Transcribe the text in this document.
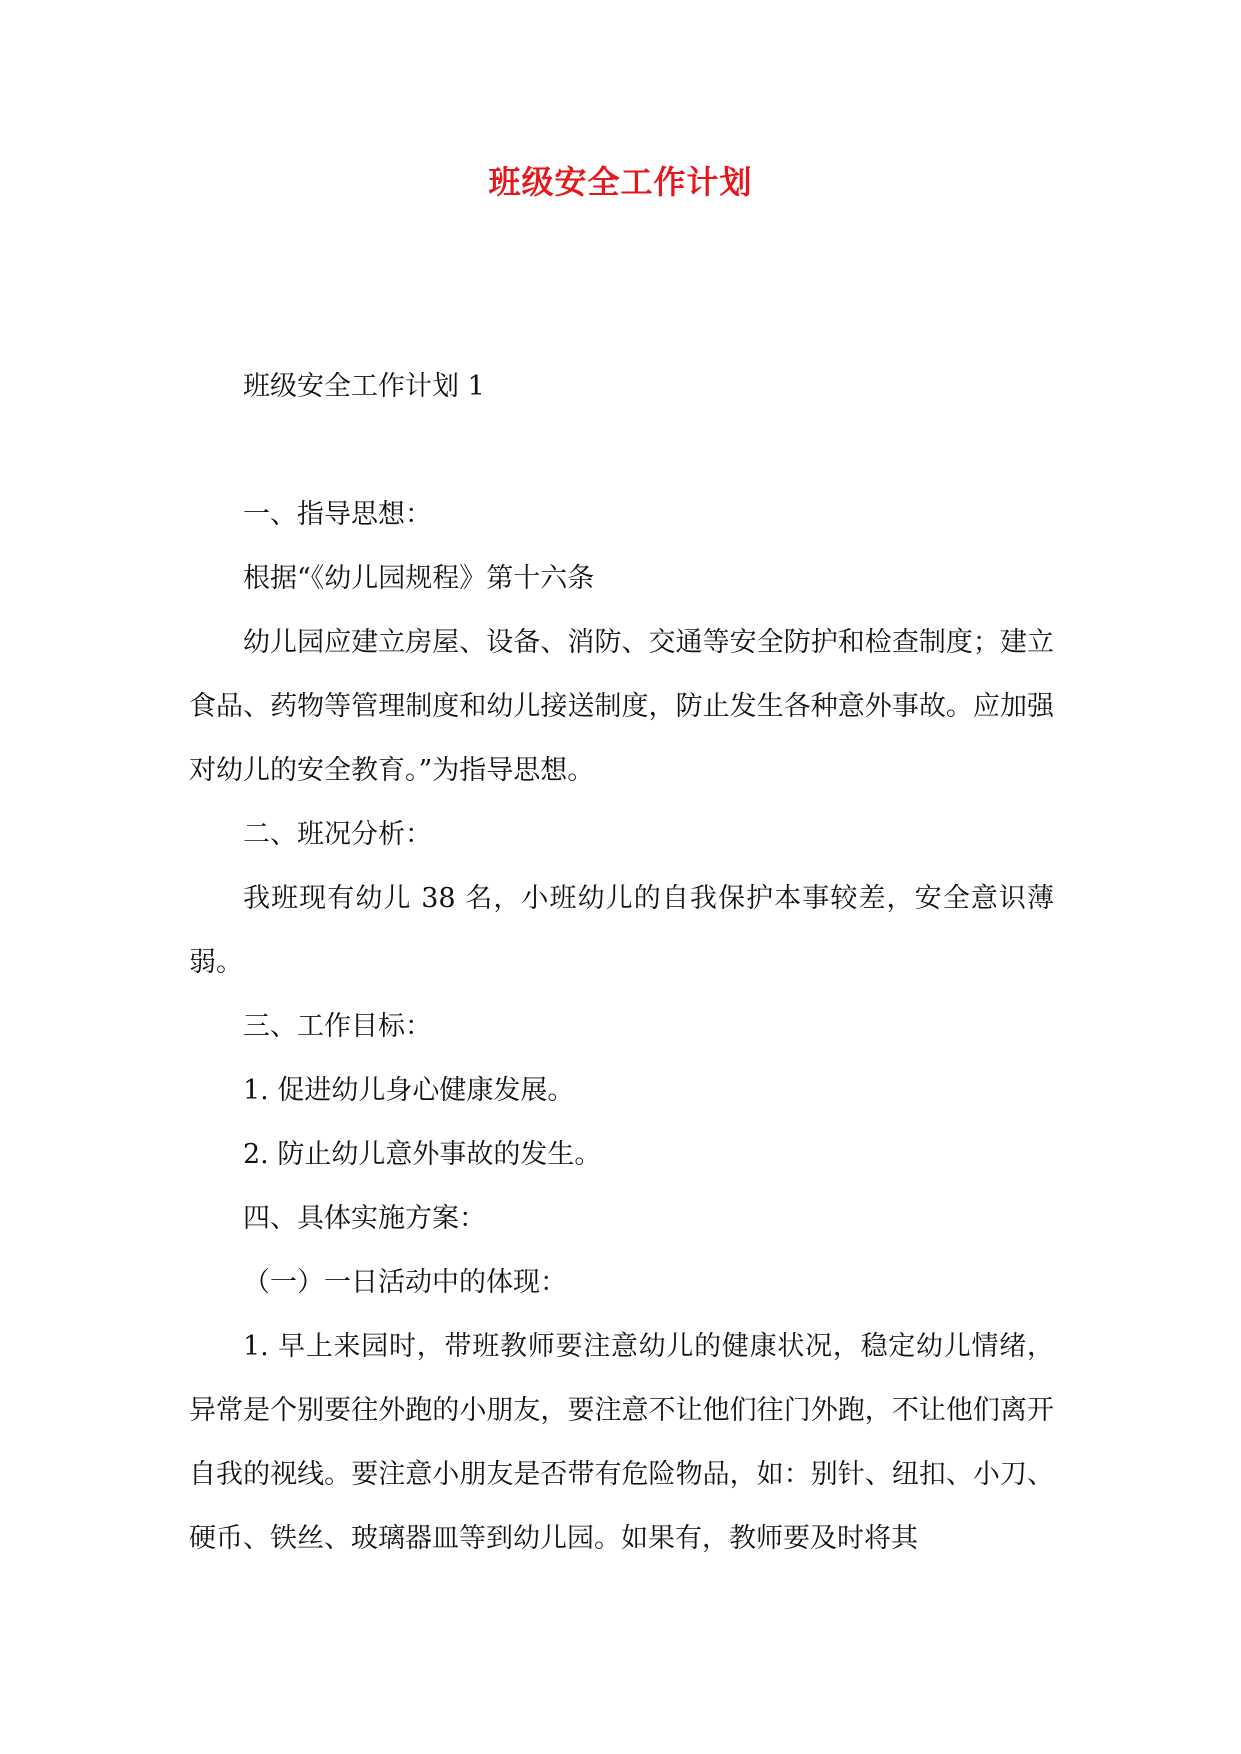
班级安全工作计划

班级安全工作计划 1

一、指导思想：

根据“《幼儿园规程》第十六条

幼儿园应建立房屋、设备、消防、交通等安全防护和检查制度；建立食品、药物等管理制度和幼儿接送制度，防止发生各种意外事故。应加强对幼儿的安全教育。”为指导思想。

二、班况分析：

我班现有幼儿 38 名，小班幼儿的自我保护本事较差，安全意识薄弱。

三、工作目标：

1. 促进幼儿身心健康发展。

2. 防止幼儿意外事故的发生。

四、具体实施方案：

（一）一日活动中的体现：

1. 早上来园时，带班教师要注意幼儿的健康状况，稳定幼儿情绪，异常是个别要往外跑的小朋友，要注意不让他们往门外跑，不让他们离开自我的视线。要注意小朋友是否带有危险物品，如：别针、纽扣、小刀、硬币、铁丝、玻璃器皿等到幼儿园。如果有，教师要及时将其
